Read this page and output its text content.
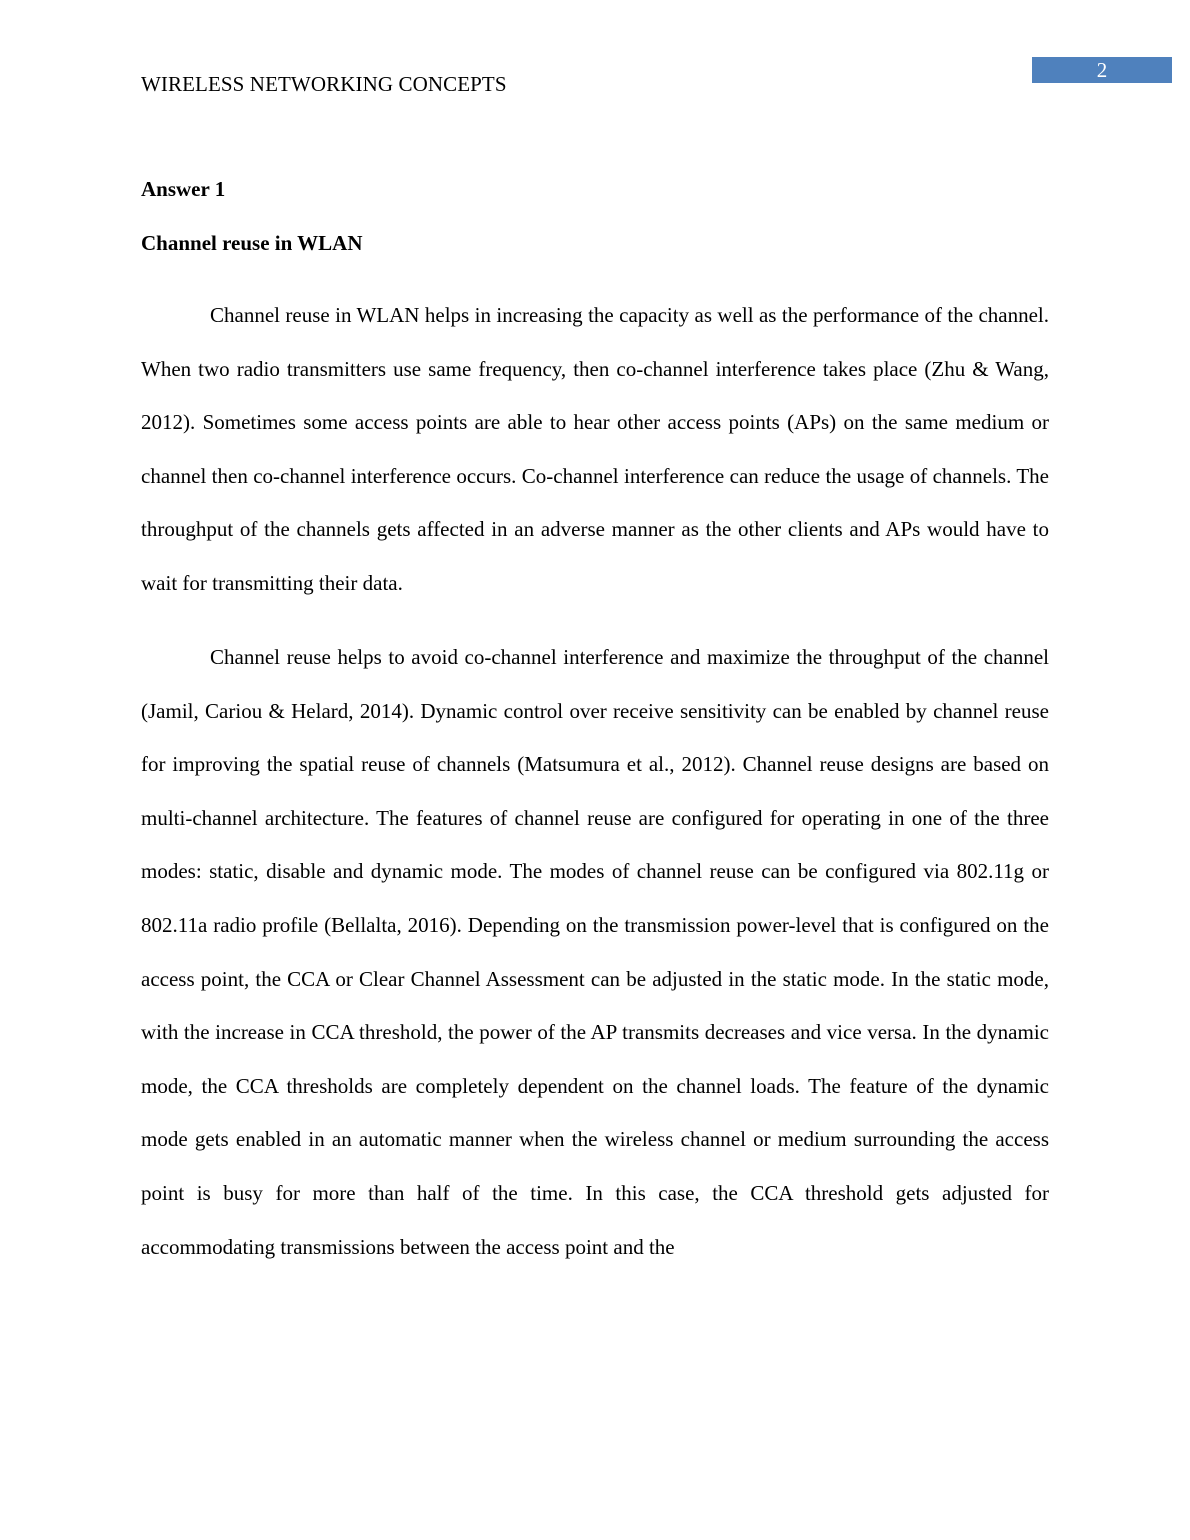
2
WIRELESS NETWORKING CONCEPTS
Answer 1
Channel reuse in WLAN

Channel reuse in WLAN helps in increasing the capacity as well as the performance of the channel. When two radio transmitters use same frequency, then co-channel interference takes place (Zhu & Wang, 2012). Sometimes some access points are able to hear other access points (APs) on the same medium or channel then co-channel interference occurs. Co-channel interference can reduce the usage of channels. The throughput of the channels gets affected in an adverse manner as the other clients and APs would have to wait for transmitting their data.

Channel reuse helps to avoid co-channel interference and maximize the throughput of the channel (Jamil, Cariou & Helard, 2014). Dynamic control over receive sensitivity can be enabled by channel reuse for improving the spatial reuse of channels (Matsumura et al., 2012). Channel reuse designs are based on multi-channel architecture. The features of channel reuse are configured for operating in one of the three modes: static, disable and dynamic mode. The modes of channel reuse can be configured via 802.11g or 802.11a radio profile (Bellalta, 2016). Depending on the transmission power-level that is configured on the access point, the CCA or Clear Channel Assessment can be adjusted in the static mode. In the static mode, with the increase in CCA threshold, the power of the AP transmits decreases and vice versa. In the dynamic mode, the CCA thresholds are completely dependent on the channel loads. The feature of the dynamic mode gets enabled in an automatic manner when the wireless channel or medium surrounding the access point is busy for more than half of the time. In this case, the CCA threshold gets adjusted for accommodating transmissions between the access point and the
